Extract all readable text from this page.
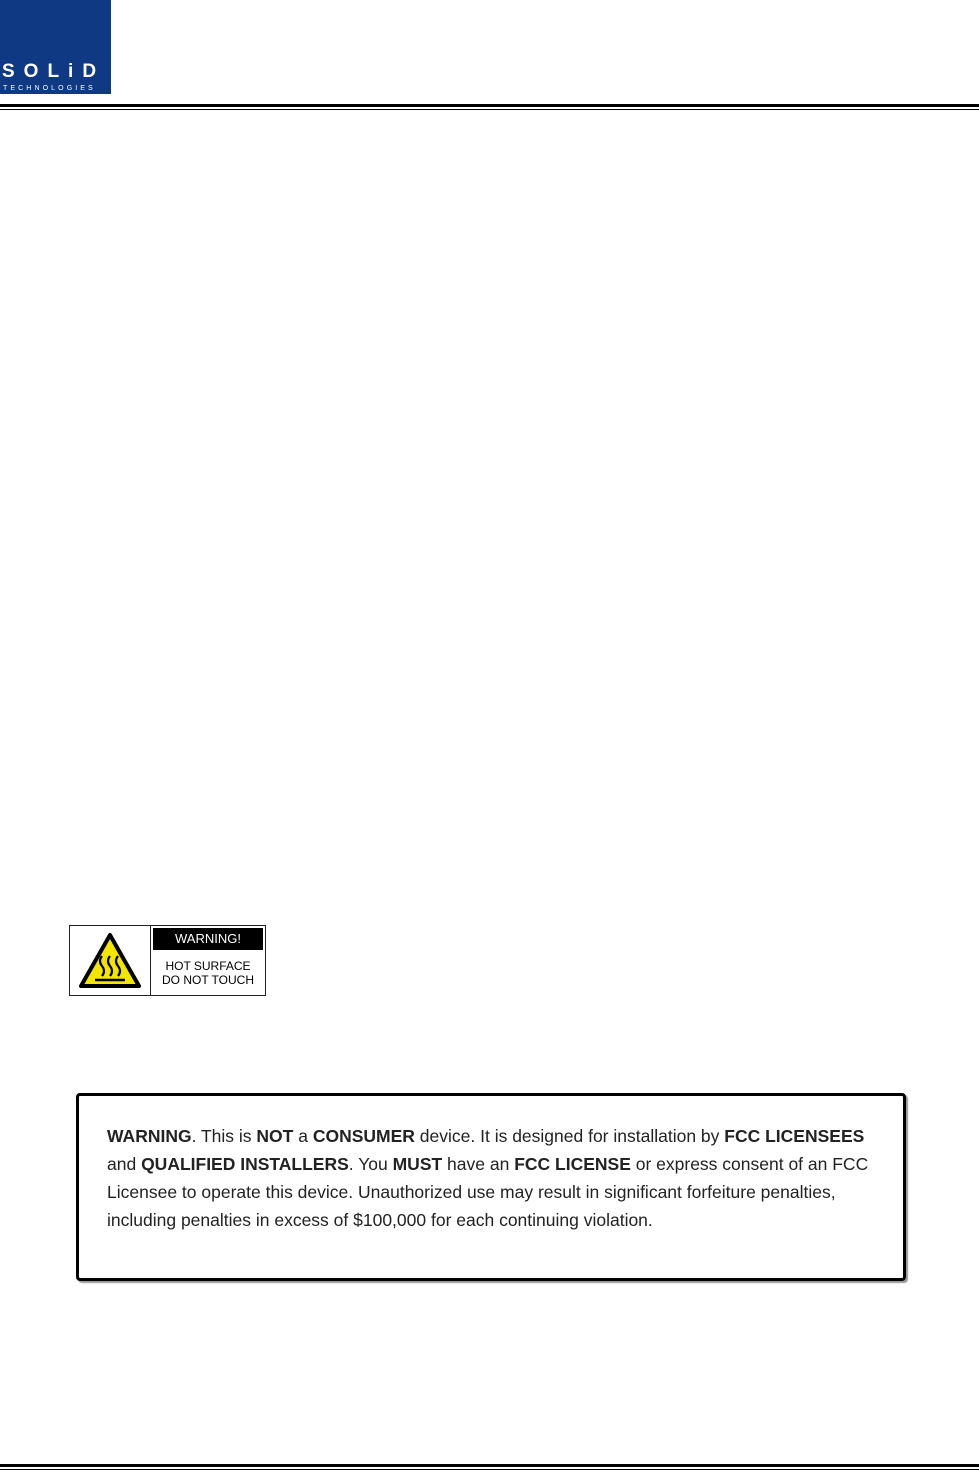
SOLiD
TECHNOLOGIES
WARNING!
HOT SURFACE
DO NOT TOUCH

WARNING. This is NOT a CONSUMER device. It is designed for installation by FCC LICENSEES and QUALIFIED INSTALLERS. You MUST have an FCC LICENSE or express consent of an FCC Licensee to operate this device. Unauthorized use may result in significant forfeiture penalties, including penalties in excess of $100,000 for each continuing violation.
